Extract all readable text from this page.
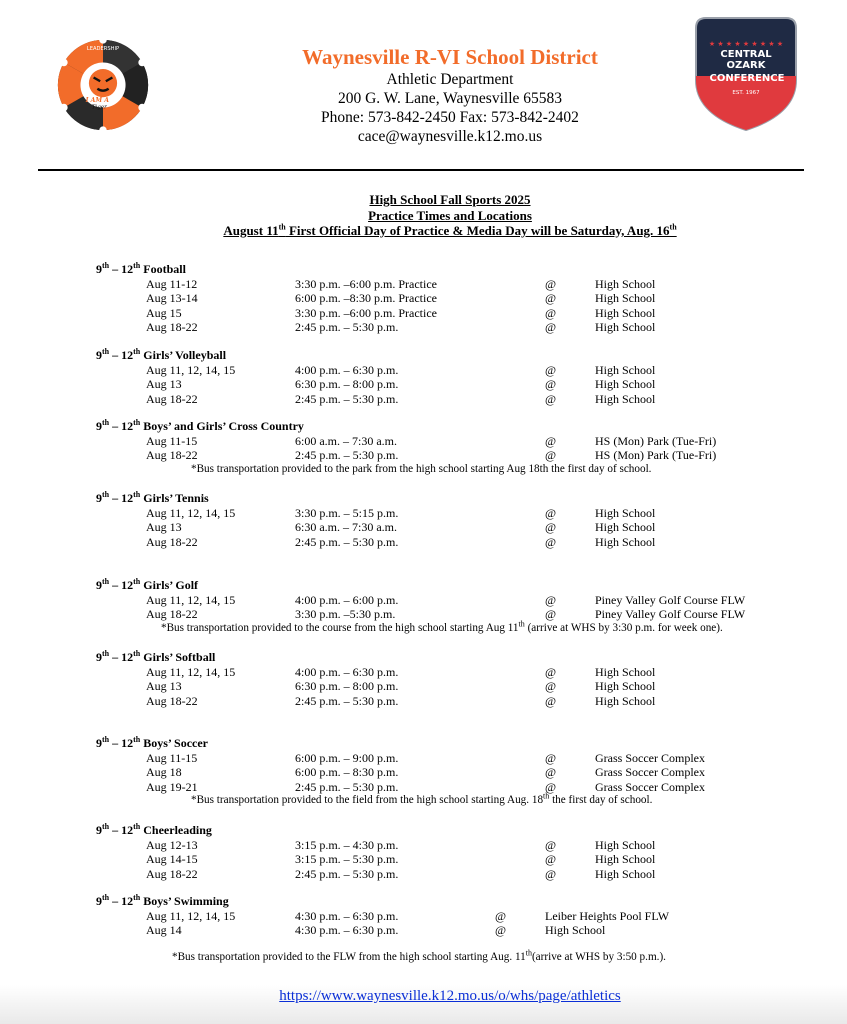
LEADERSHIP
I AM A
Tiger
★ ★ ★ ★ ★ ★ ★ ★ ★
CENTRAL
OZARK
CONFERENCE
EST. 1967
Waynesville R-VI School District
Athletic Department
200 G. W. Lane, Waynesville 65583
Phone: 573-842-2450 Fax: 573-842-2402
cace@waynesville.k12.mo.us
High School Fall Sports 2025
Practice Times and Locations
August 11th First Official Day of Practice & Media Day will be Saturday, Aug. 16th
9th – 12th Football
Aug 11-12	3:30 p.m. –6:00 p.m. Practice	@	High School
Aug 13-14	6:00 p.m. –8:30 p.m. Practice	@	High School
Aug 15	3:30 p.m. –6:00 p.m. Practice	@	High School
Aug 18-22	2:45 p.m. – 5:30 p.m.	@	High School
9th – 12th Girls’ Volleyball
Aug 11, 12, 14, 15	4:00 p.m. – 6:30 p.m.	@	High School
Aug 13	6:30 p.m. – 8:00 p.m.	@	High School
Aug 18-22	2:45 p.m. – 5:30 p.m.	@	High School
9th – 12th Boys’ and Girls’ Cross Country
Aug 11-15	6:00 a.m. – 7:30 a.m.	@	HS (Mon) Park (Tue-Fri)
Aug 18-22	2:45 p.m. – 5:30 p.m.	@	HS (Mon) Park (Tue-Fri)
*Bus transportation provided to the park from the high school starting Aug 18th the first day of school.
9th – 12th Girls’ Tennis
Aug 11, 12, 14, 15	3:30 p.m. – 5:15 p.m.	@	High School
Aug 13	6:30 a.m. – 7:30 a.m.	@	High School
Aug 18-22	2:45 p.m. – 5:30 p.m.	@	High School
9th – 12th Girls’ Golf
Aug 11, 12, 14, 15	4:00 p.m. – 6:00 p.m.	@	Piney Valley Golf Course FLW
Aug 18-22	3:30 p.m. –5:30 p.m.	@	Piney Valley Golf Course FLW
*Bus transportation provided to the course from the high school starting Aug 11th (arrive at WHS by 3:30 p.m. for week one).
9th – 12th Girls’ Softball
Aug 11, 12, 14, 15	4:00 p.m. – 6:30 p.m.	@	High School
Aug 13	6:30 p.m. – 8:00 p.m.	@	High School
Aug 18-22	2:45 p.m. – 5:30 p.m.	@	High School
9th – 12th Boys’ Soccer
Aug 11-15	6:00 p.m. – 9:00 p.m.	@	Grass Soccer Complex
Aug 18	6:00 p.m. – 8:30 p.m.	@	Grass Soccer Complex
Aug 19-21	2:45 p.m. – 5:30 p.m.	@	Grass Soccer Complex
*Bus transportation provided to the field from the high school starting Aug. 18th the first day of school.
9th – 12th Cheerleading
Aug 12-13	3:15 p.m. – 4:30 p.m.	@	High School
Aug 14-15	3:15 p.m. – 5:30 p.m.	@	High School
Aug 18-22	2:45 p.m. – 5:30 p.m.	@	High School
9th – 12th Boys’ Swimming
Aug 11, 12, 14, 15	4:30 p.m. – 6:30 p.m.	@	Leiber Heights Pool FLW
Aug 14	4:30 p.m. – 6:30 p.m.	@	High School
*Bus transportation provided to the FLW from the high school starting Aug. 11th(arrive at WHS by 3:50 p.m.).
https://www.waynesville.k12.mo.us/o/whs/page/athletics
